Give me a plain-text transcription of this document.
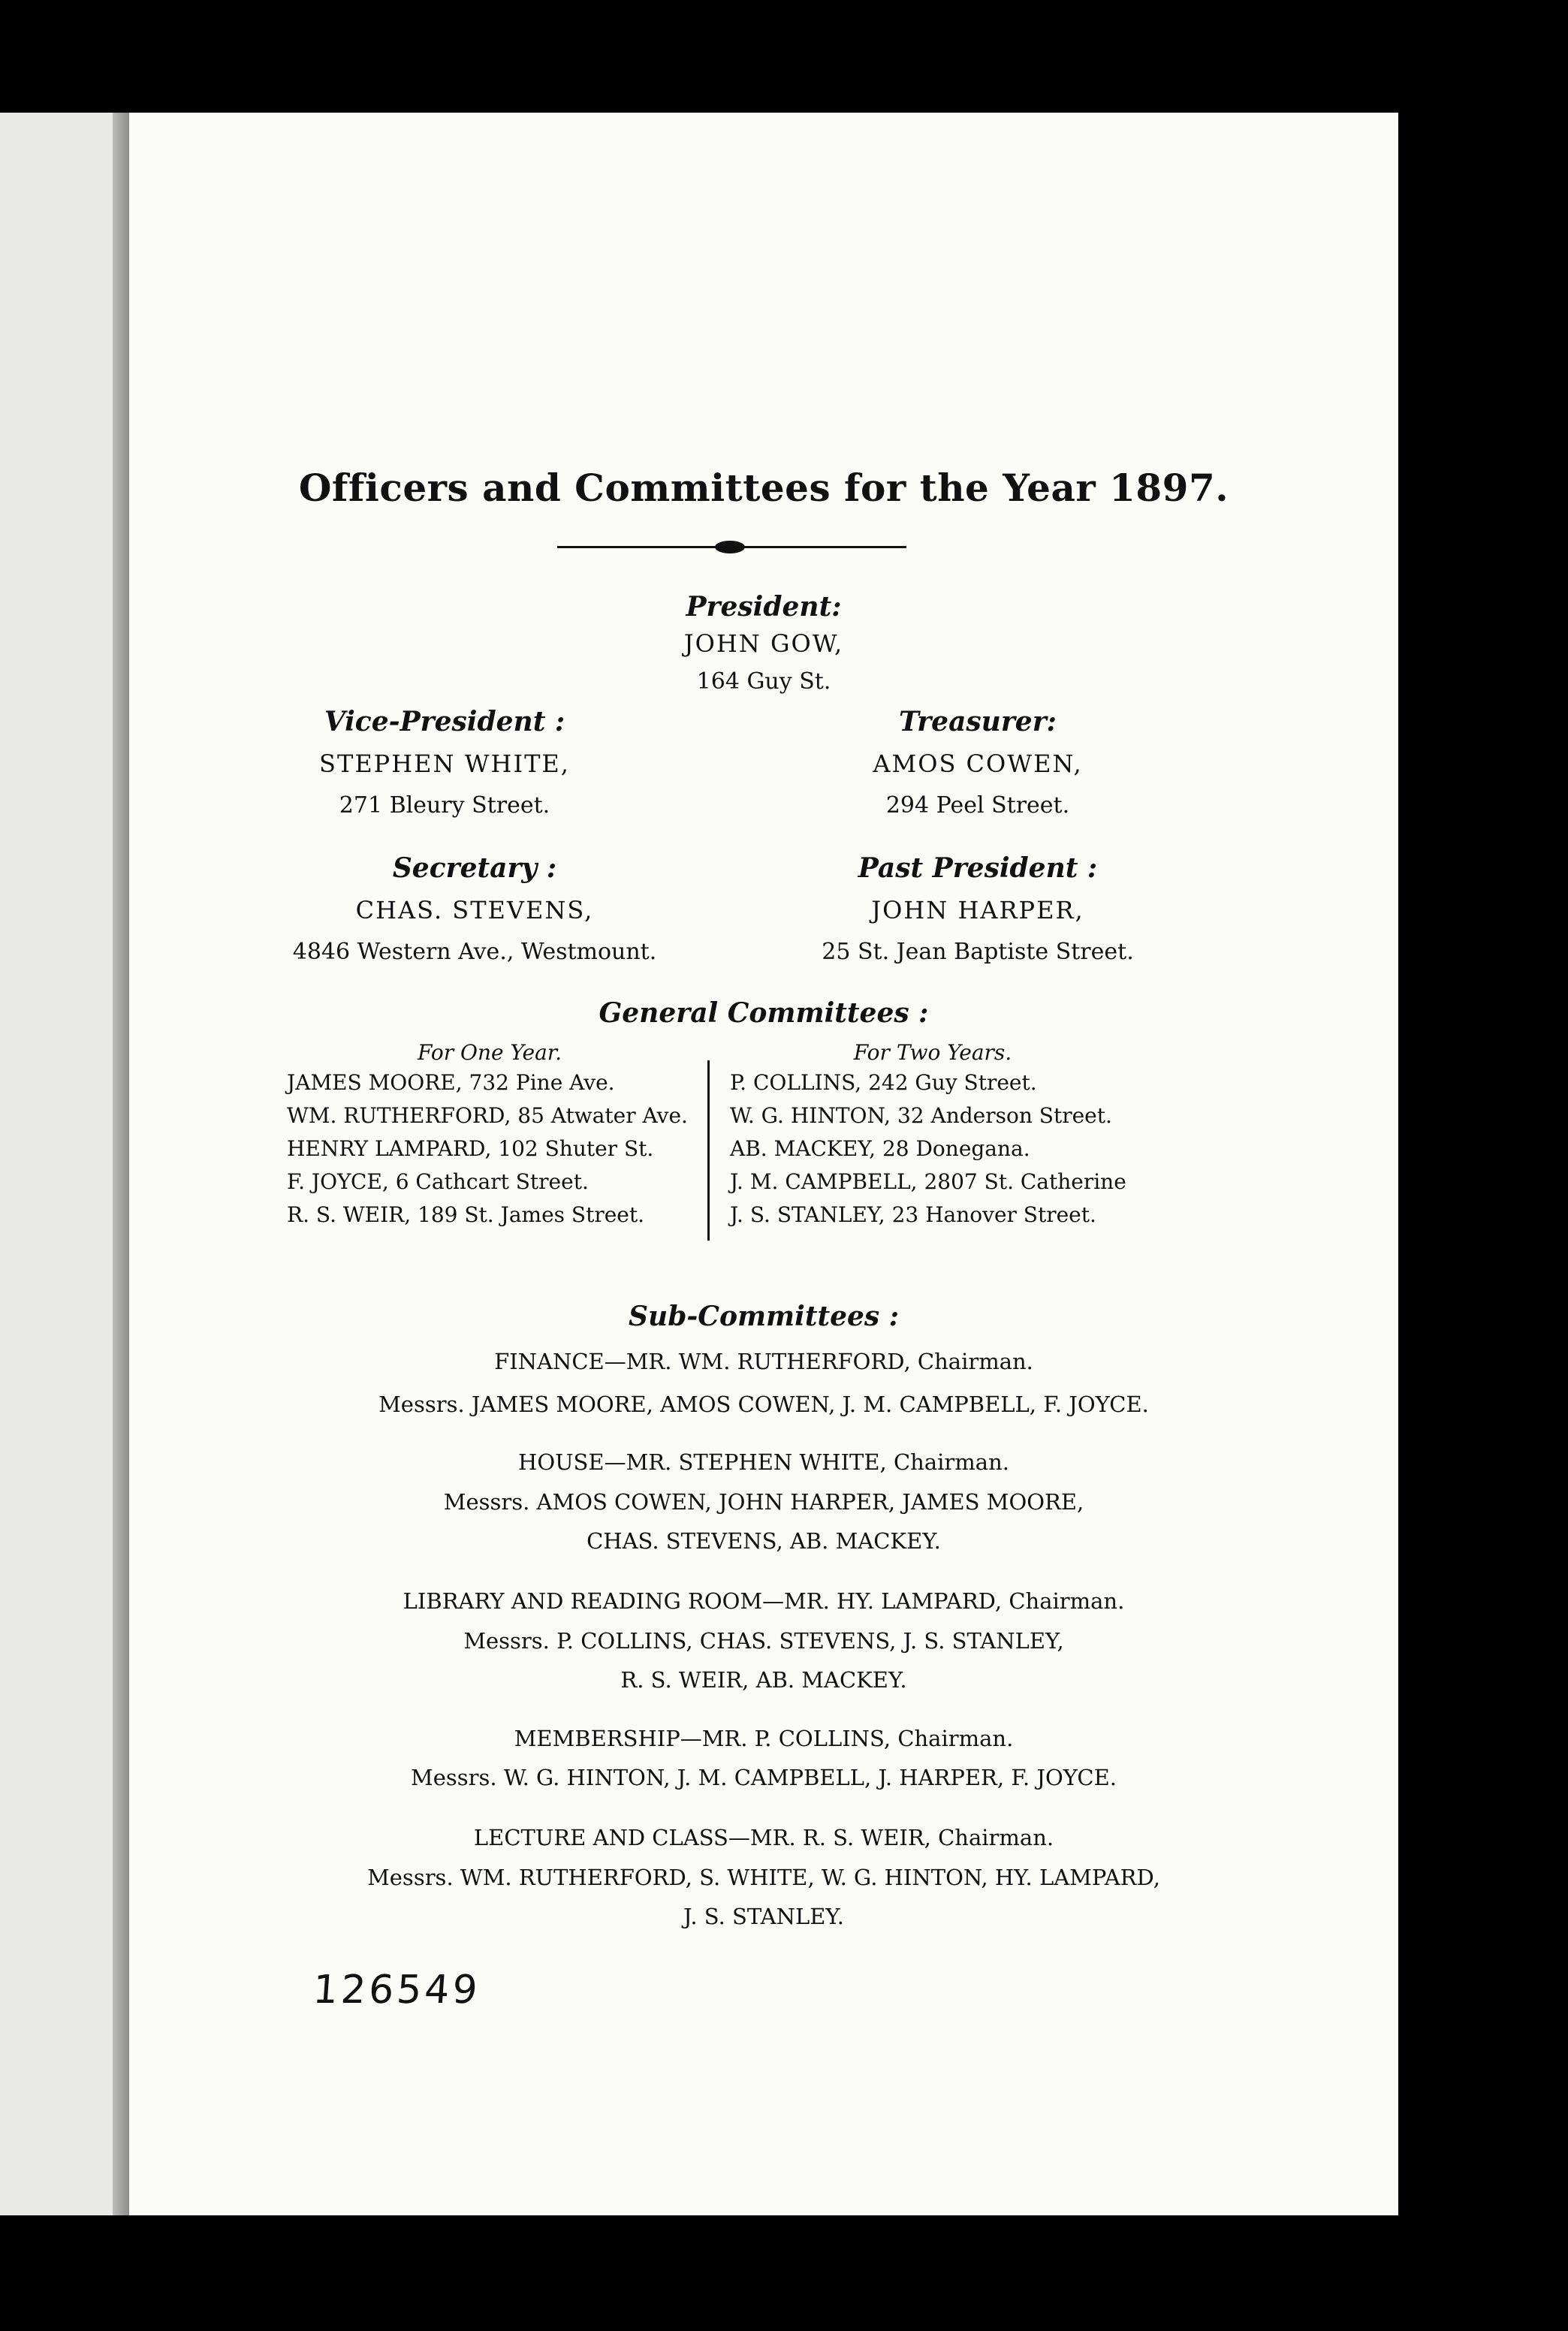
Officers and Committees for the Year 1897.
President:
JOHN GOW,
164 Guy St.
Vice-President :
STEPHEN WHITE,
271 Bleury Street.
Treasurer:
AMOS COWEN,
294 Peel Street.
Secretary :
CHAS. STEVENS,
4846 Western Ave., Westmount.
Past President :
JOHN HARPER,
25 St. Jean Baptiste Street.
General Committees :
For One Year.	For Two Years.
JAMES MOORE, 732 Pine Ave.
WM. RUTHERFORD, 85 Atwater Ave.
HENRY LAMPARD, 102 Shuter St.
F. JOYCE, 6 Cathcart Street.
R. S. WEIR, 189 St. James Street.
P. COLLINS, 242 Guy Street.
W. G. HINTON, 32 Anderson Street.
AB. MACKEY, 28 Donegana.
J. M. CAMPBELL, 2807 St. Catherine
J. S. STANLEY, 23 Hanover Street.
Sub-Committees :
FINANCE—MR. WM. RUTHERFORD, Chairman.
Messrs. JAMES MOORE, AMOS COWEN, J. M. CAMPBELL, F. JOYCE.
HOUSE—MR. STEPHEN WHITE, Chairman.
Messrs. AMOS COWEN, JOHN HARPER, JAMES MOORE,
CHAS. STEVENS, AB. MACKEY.
LIBRARY AND READING ROOM—MR. HY. LAMPARD, Chairman.
Messrs. P. COLLINS, CHAS. STEVENS, J. S. STANLEY,
R. S. WEIR, AB. MACKEY.
MEMBERSHIP—MR. P. COLLINS, Chairman.
Messrs. W. G. HINTON, J. M. CAMPBELL, J. HARPER, F. JOYCE.
LECTURE AND CLASS—MR. R. S. WEIR, Chairman.
Messrs. WM. RUTHERFORD, S. WHITE, W. G. HINTON, HY. LAMPARD,
J. S. STANLEY.
126549
